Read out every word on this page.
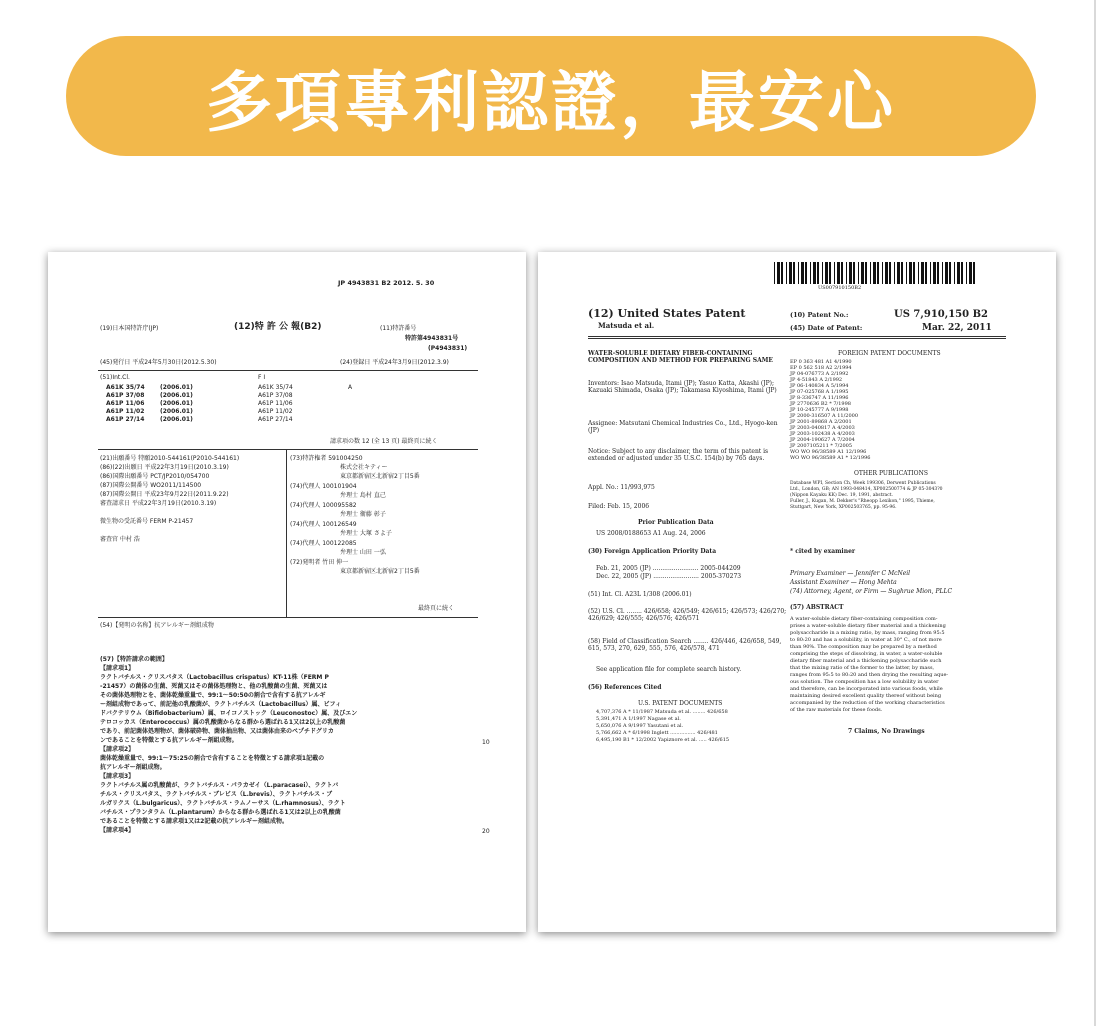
多項專利認證，最安心
JP 4943831 B2 2012. 5. 30
(19)日本国特許庁(JP)	(12)特 許 公 報(B2)	(11)特許番号
特許第4943831号
(P4943831)
(45)発行日 平成24年5月30日(2012.5.30)	(24)登録日 平成24年3月9日(2012.3.9)
(51)Int.Cl.	F I
A61K 35/74	(2006.01)	A61K 35/74	A
A61P 37/08	(2006.01)	A61P 37/08
A61P 11/06	(2006.01)	A61P 11/06
A61P 11/02	(2006.01)	A61P 11/02
A61P 27/14	(2006.01)	A61P 27/14
請求項の数 12 (全 13 頁) 最終頁に続く
(21)出願番号 特願2010-544161(P2010-544161)
(86)(22)出願日 平成22年3月19日(2010.3.19)
(86)国際出願番号 PCT/JP2010/054700
(87)国際公開番号 WO2011/114500
(87)国際公開日 平成23年9月22日(2011.9.22)
審査請求日 平成22年3月19日(2010.3.19)
微生物の受託番号 FERM P-21457
審査官 中村 浩
(73)特許権者 591004250
株式会社キティー
東京都新宿区北新宿2丁目5番
(74)代理人 100101904
弁理士 島村 直己
(74)代理人 100095582
弁理士 衛藤 彰子
(74)代理人 100126549
弁理士 大塚 さよ子
(74)代理人 100122085
弁理士 山田 一弘
(72)発明者 竹田 伸一
東京都新宿区北新宿2丁目5番
最終頁に続く
(54)【発明の名称】抗アレルギー剤組成物
(57)【特許請求の範囲】
【請求項1】
ラクトバチルス・クリスパタス（Lactobacillus crispatus）KT-11株（FERM P
-21457）の菌体の生菌、死菌又はその菌体処理物と、他の乳酸菌の生菌、死菌又は
その菌体処理物とを、菌体乾燥重量で、99:1〜50:50の割合で含有する抗アレルギ
ー剤組成物であって、前記他の乳酸菌が、ラクトバチルス（Lactobacillus）属、ビフィ
ドバクテリウム（Bifidobacterium）属、ロイコノストック（Leuconostoc）属、及びエン
テロコッカス（Enterococcus）属の乳酸菌からなる群から選ばれる1又は2以上の乳酸菌
であり、前記菌体処理物が、菌体破砕物、菌体抽出物、又は菌体由来のペプチドグリカ
ンであることを特徴とする抗アレルギー剤組成物。
【請求項2】
菌体乾燥重量で、99:1〜75:25の割合で含有することを特徴とする請求項1記載の
抗アレルギー剤組成物。
【請求項3】
ラクトバチルス属の乳酸菌が、ラクトバチルス・パラカゼイ（L.paracasei）、ラクトバ
チルス・クリスパタス、ラクトバチルス・ブレビス（L.brevis）、ラクトバチルス・ブ
ルガリクス（L.bulgaricus）、ラクトバチルス・ラムノーサス（L.rhamnosus）、ラクト
バチルス・プランタラム（L.plantarum）からなる群から選ばれる1又は2以上の乳酸菌
であることを特徴とする請求項1又は2記載の抗アレルギー剤組成物。
【請求項4】
10
20
US007910150B2
(12) United States Patent
Matsuda et al.
(10) Patent No.:	US 7,910,150 B2
(45) Date of Patent:	Mar. 22, 2011
WATER-SOLUBLE DIETARY FIBER-CONTAINING COMPOSITION AND METHOD FOR PREPARING SAME
Inventors: Isao Matsuda, Itami (JP); Yasuo Katta, Akashi (JP); Kazuaki Shimada, Osaka (JP); Takamasa Kiyoshima, Itami (JP)
Assignee: Matsutani Chemical Industries Co., Ltd., Hyogo-ken (JP)
Notice: Subject to any disclaimer, the term of this patent is extended or adjusted under 35 U.S.C. 154(b) by 765 days.
Appl. No.: 11/993,975
Filed: Feb. 15, 2006
Prior Publication Data
US 2008/0188653 A1 Aug. 24, 2006
(30) Foreign Application Priority Data
Feb. 21, 2005 (JP) ........................ 2005-044209
Dec. 22, 2005 (JP) ........................ 2005-370273
(51) Int. Cl. A23L 1/308 (2006.01)
(52) U.S. Cl. ........ 426/658; 426/549; 426/615; 426/573; 426/270; 426/629; 426/555; 426/576; 426/571
(58) Field of Classification Search ........ 426/446, 426/658, 549, 615, 573, 270, 629, 555, 576, 426/578, 471
See application file for complete search history.
(56) References Cited
U.S. PATENT DOCUMENTS
4,707,376 A * 11/1987 Matsuda et al. ........ 426/658
5,391,471 A 1/1997 Nagase et al.
5,650,076 A 9/1997 Yasutani et al.
5,766,662 A * 6/1998 Inglett ................ 426/481
6,495,190 B1 * 12/2002 Yapiznore et al. ..... 426/615
FOREIGN PATENT DOCUMENTS
EP 0 363 481 A1 4/1990
EP 0 562 518 A2 2/1994
JP 04-076773 A 2/1992
JP 4-51843 A 2/1992
JP 06-140834 A 5/1994
JP 07-025768 A 1/1995
JP 8-336747 A 11/1996
JP 2770636 B2 * 7/1998
JP 10-245777 A 9/1998
JP 2000-316507 A 11/2000
JP 2001-89868 A 2/2001
JP 2003-040817 A 4/2003
JP 2003-102438 A 4/2003
JP 2004-190627 A 7/2004
JP 2007105211 * 7/2005
WO WO 96/38589 A1 12/1996
WO WO 96/38589 A1 * 12/1996
OTHER PUBLICATIONS
Database WPI, Section Ch, Week 199306, Derwent Publications
Ltd., London, GB; AN 1993-048414, XP002500774 & JP 05-3043?0
(Nippon Kayaku KK) Dec. 19, 1991, abstract.
Fuller, J., Kugan, M. Dekker's "Rheopp Lexikon," 1995, Thieme,
Stuttgart, New York, XP002503765, pp. 95-96.
* cited by examiner
Primary Examiner — Jennifer C McNeil
Assistant Examiner — Hong Mehta
(74) Attorney, Agent, or Firm — Sughrue Mion, PLLC
(57) ABSTRACT
A water-soluble dietary fiber-containing composition com-
prises a water-soluble dietary fiber material and a thickening
polysaccharide in a mixing ratio, by mass, ranging from 95:5
to 80:20 and has a solubility, in water at 30° C., of not more
than 90%. The composition may be prepared by a method
comprising the steps of dissolving, in water, a water-soluble
dietary fiber material and a thickening polysaccharide such
that the mixing ratio of the former to the latter, by mass,
ranges from 95:5 to 80:20 and then drying the resulting aque-
ous solution. The composition has a low solubility in water
and therefore, can be incorporated into various foods, while
maintaining desired excellent quality thereof without being
accompanied by the reduction of the working characteristics
of the raw materials for these foods.
7 Claims, No Drawings
